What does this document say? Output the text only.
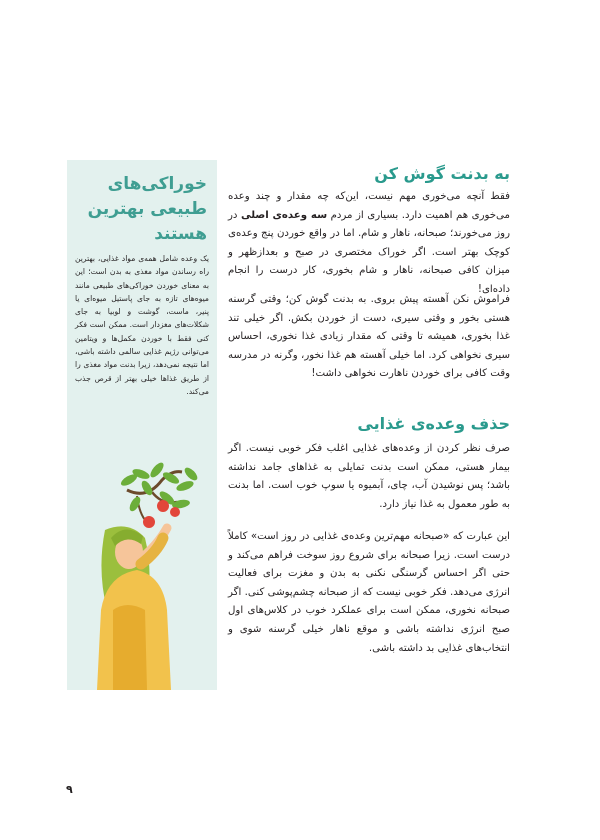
خوراکی‌های طبیعی بهترین هستند
یک وعده شامل همه‌ی مواد غذایی، بهترین راه رساندن مواد مغذی به بدن است؛ این به معنای خوردن خوراکی‌های طبیعی مانند میوه‌های تازه به جای پاستیل میوه‌ای یا پنیر، ماست، گوشت و لوبیا به جای شکلات‌های مغزدار است. ممکن است فکر کنی فقط با خوردن مکمل‌ها و ویتامین می‌توانی رژیم غذایی سالمی داشته باشی، اما نتیجه نمی‌دهد، زیرا بدنت مواد مغذی را از طریق غذاها خیلی بهتر از قرص جذب می‌کند.
به بدنت گوش کن

فقط آنچه می‌خوری مهم نیست، این‌که چه مقدار و چند وعده می‌خوری هم اهمیت دارد. بسیاری از مردم سه وعده‌ی اصلی در روز می‌خورند؛ صبحانه، ناهار و شام. اما در واقع خوردن پنج وعده‌ی کوچک بهتر است. اگر خوراک مختصری در صبح و بعدازظهر و میزان کافی صبحانه، ناهار و شام بخوری، کار درست را انجام داده‌ای!

فراموش نکن آهسته پیش بروی. به بدنت گوش کن؛ وقتی گرسنه هستی بخور و وقتی سیری، دست از خوردن بکش. اگر خیلی تند غذا بخوری، همیشه تا وقتی که مقدار زیادی غذا نخوری، احساس سیری نخواهی کرد. اما خیلی آهسته هم غذا نخور، وگرنه در مدرسه وقت کافی برای خوردن ناهارت نخواهی داشت!

حذف وعده‌ی غذایی

صرف نظر کردن از وعده‌های غذایی اغلب فکر خوبی نیست. اگر بیمار هستی، ممکن است بدنت تمایلی به غذاهای جامد نداشته باشد؛ پس نوشیدن آب، چای، آبمیوه یا سوپ خوب است. اما بدنت به طور معمول به غذا نیاز دارد.

این عبارت که «صبحانه مهم‌ترین وعده‌ی غذایی در روز است» کاملاً درست است. زیرا صبحانه برای شروع روز سوخت فراهم می‌کند و حتی اگر احساس گرسنگی نکنی به بدن و مغزت برای فعالیت انرژی می‌دهد. فکر خوبی نیست که از صبحانه چشم‌پوشی کنی. اگر صبحانه نخوری، ممکن است برای عملکرد خوب در کلاس‌های اول صبح انرژی نداشته باشی و موقع ناهار خیلی گرسنه شوی و انتخاب‌های غذایی بد داشته باشی.

۹
